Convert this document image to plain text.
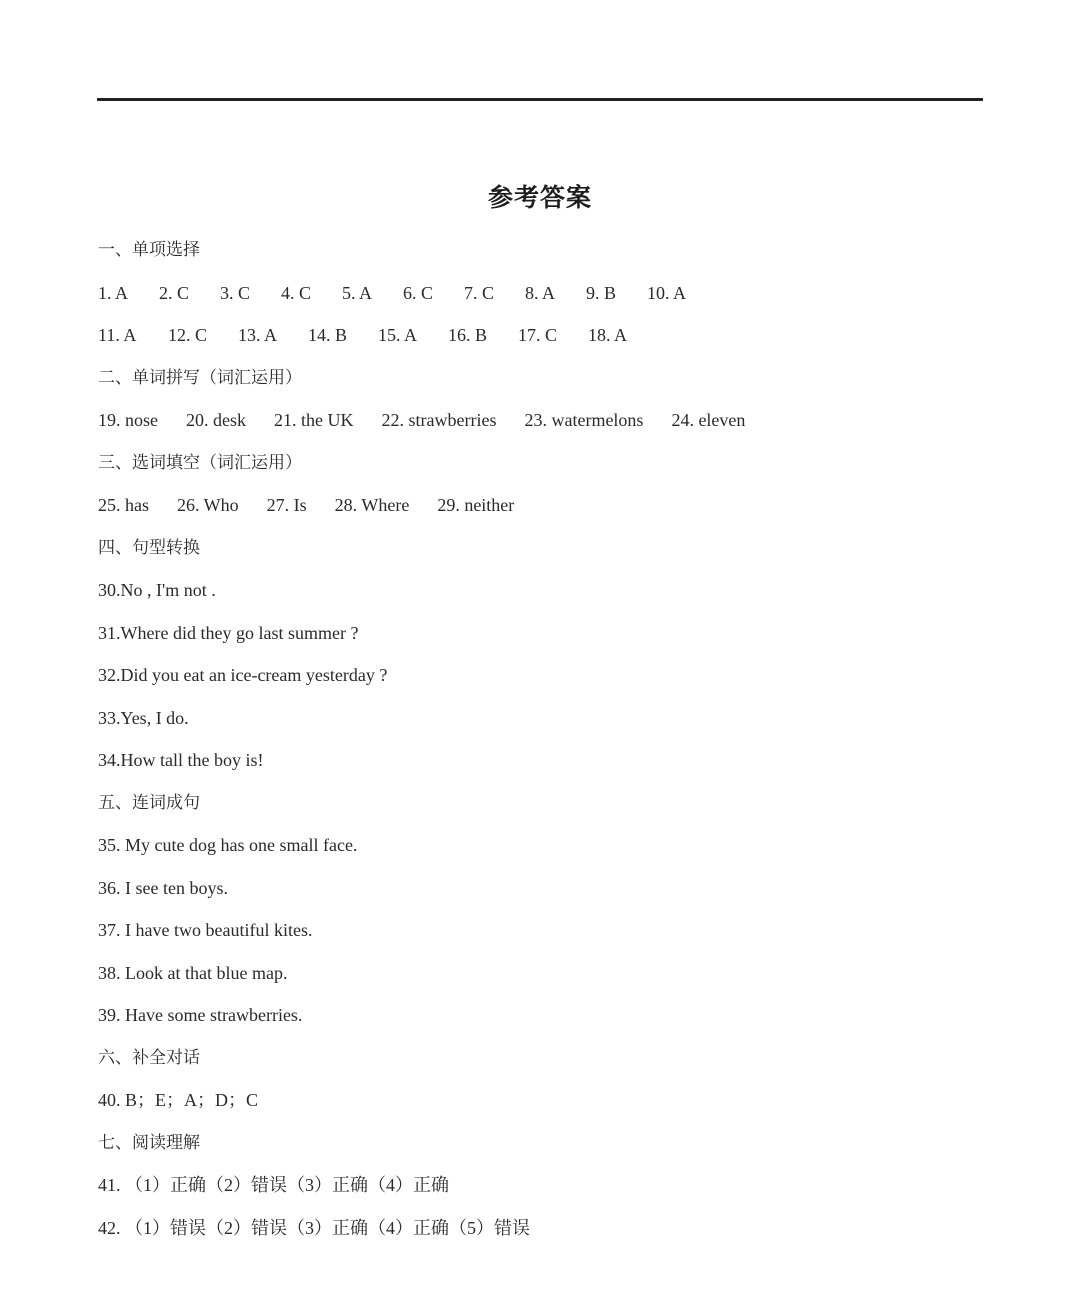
参考答案
一、单项选择
1. A 2. C 3. C 4. C 5. A 6. C 7. C 8. A 9. B 10. A
11. A 12. C 13. A 14. B 15. A 16. B 17. C 18. A
二、单词拼写（词汇运用）
19. nose 20. desk 21. the UK 22. strawberries 23. watermelons 24. eleven
三、选词填空（词汇运用）
25. has 26. Who 27. Is 28. Where 29. neither
四、句型转换
30.No , I'm not .
31.Where did they go last summer ?
32.Did you eat an ice-cream yesterday ?
33.Yes, I do.
34.How tall the boy is!
五、连词成句
35. My cute dog has one small face.
36. I see ten boys.
37. I have two beautiful kites.
38. Look at that blue map.
39. Have some strawberries.
六、补全对话
40. B；E；A；D；C
七、阅读理解
41. （1）正确（2）错误（3）正确（4）正确
42. （1）错误（2）错误（3）正确（4）正确（5）错误
